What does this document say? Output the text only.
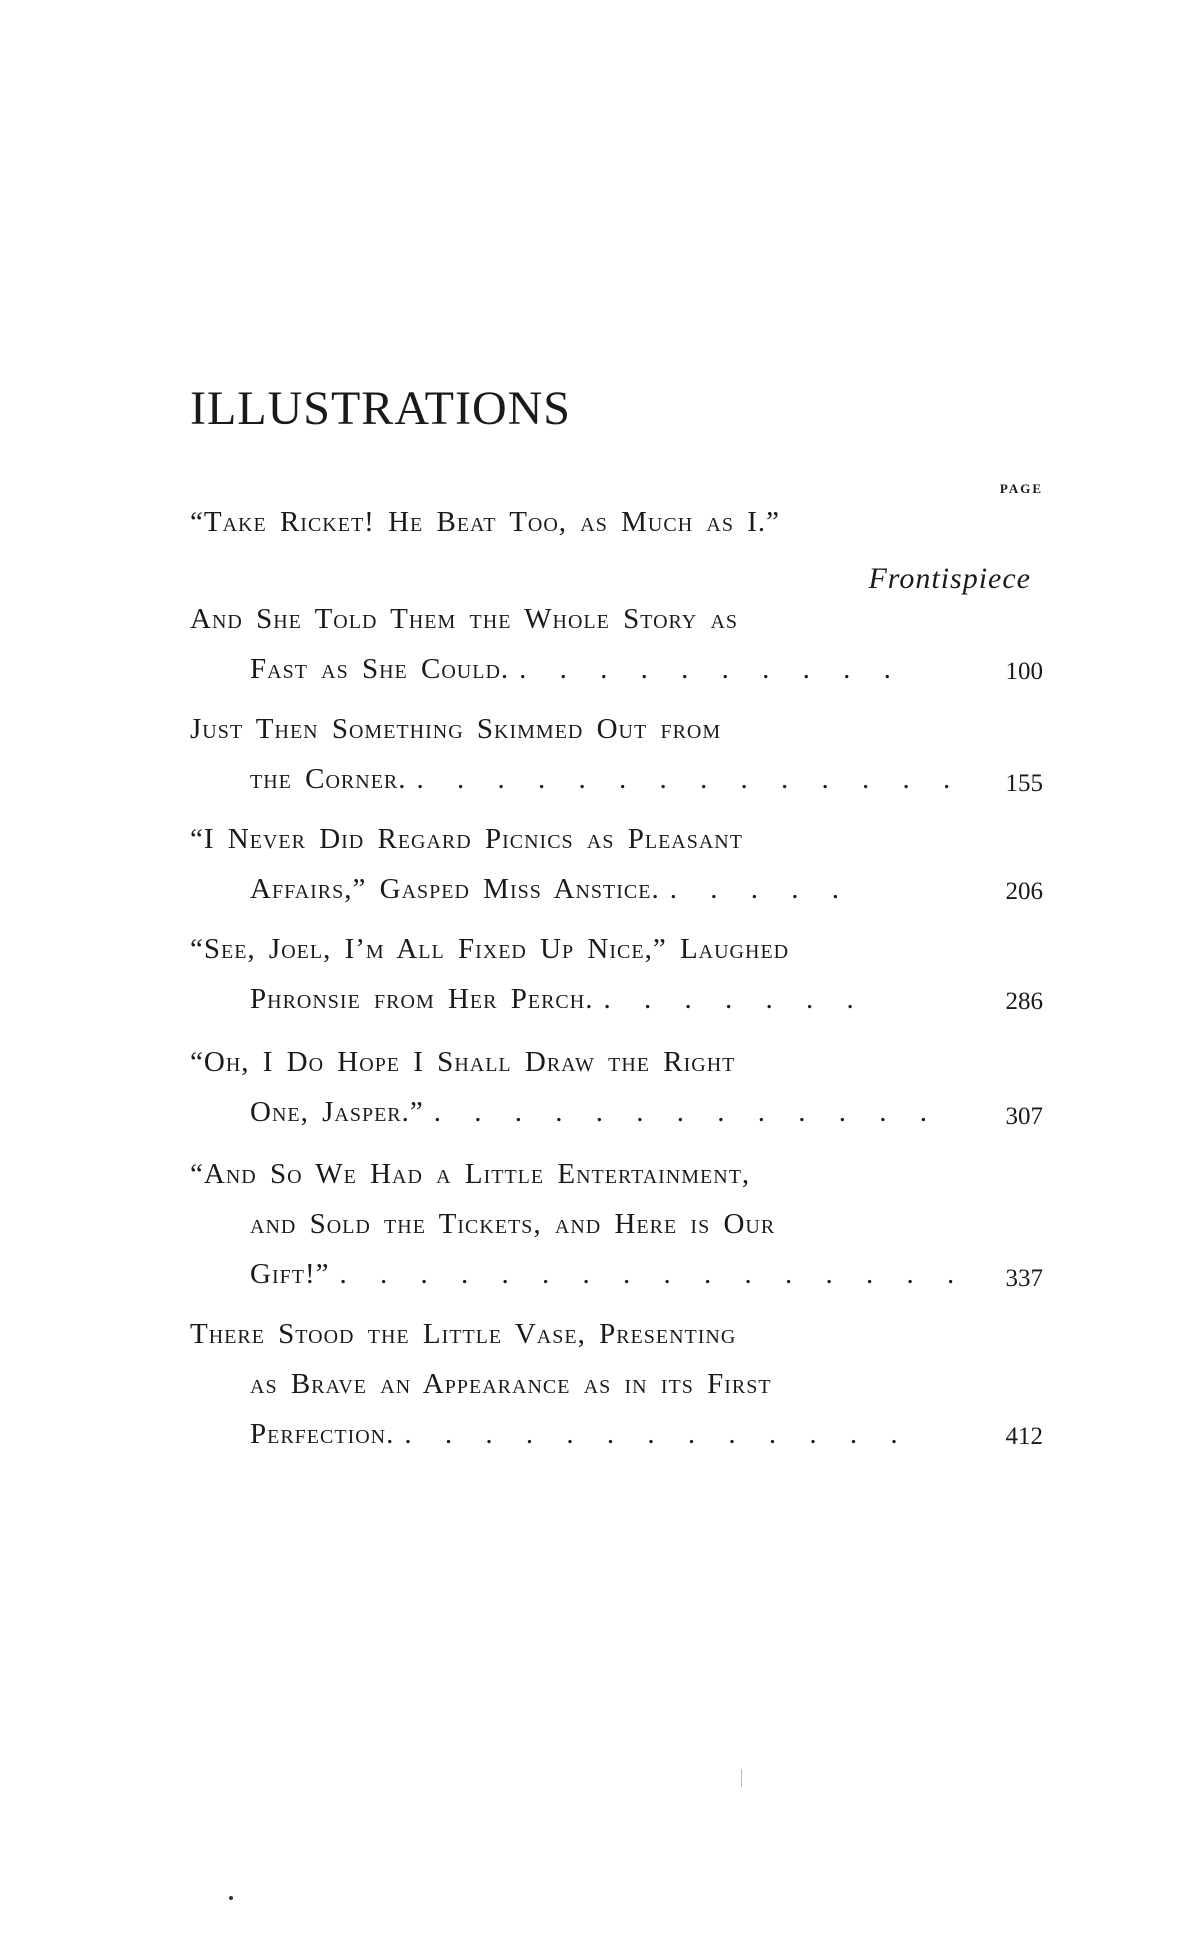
ILLUSTRATIONS
PAGE
“Take Ricket! He Beat Too, as Much as I.”
Frontispiece
And She Told Them the Whole Story as
Fast as She Could. . . . . . . . . . .	100
Just Then Something Skimmed Out from
the Corner. . . . . . . . . . . . . . . 155
“I Never Did Regard Picnics as Pleasant
Affairs,” Gasped Miss Anstice. . . . . .	206
“See, Joel, I’m All Fixed Up Nice,” Laughed
Phronsie from Her Perch. . . . . . . .	286
“Oh, I Do Hope I Shall Draw the Right
One, Jasper.” . . . . . . . . . . . . .	307
“And So We Had a Little Entertainment,
and Sold the Tickets, and Here is Our
Gift!” . . . . . . . . . . . . . . . . 337
There Stood the Little Vase, Presenting
as Brave an Appearance as in its First
Perfection. . . . . . . . . . . . . .	412
